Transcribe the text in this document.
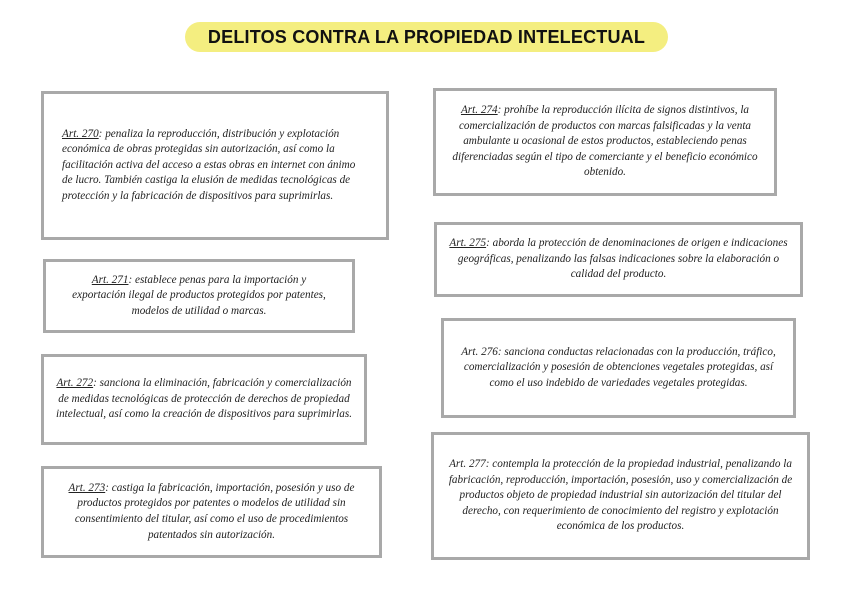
DELITOS CONTRA LA PROPIEDAD INTELECTUAL
Art. 270: penaliza la reproducción, distribución y explotación económica de obras protegidas sin autorización, así como la facilitación activa del acceso a estas obras en internet con ánimo de lucro. También castiga la elusión de medidas tecnológicas de protección y la fabricación de dispositivos para suprimirlas.
Art. 271: establece penas para la importación y exportación ilegal de productos protegidos por patentes, modelos de utilidad o marcas.
Art. 272: sanciona la eliminación, fabricación y comercialización de medidas tecnológicas de protección de derechos de propiedad intelectual, así como la creación de dispositivos para suprimirlas.
Art. 273: castiga la fabricación, importación, posesión y uso de productos protegidos por patentes o modelos de utilidad sin consentimiento del titular, así como el uso de procedimientos patentados sin autorización.
Art. 274: prohíbe la reproducción ilícita de signos distintivos, la comercialización de productos con marcas falsificadas y la venta ambulante u ocasional de estos productos, estableciendo penas diferenciadas según el tipo de comerciante y el beneficio económico obtenido.
Art. 275: aborda la protección de denominaciones de origen e indicaciones geográficas, penalizando las falsas indicaciones sobre la elaboración o calidad del producto.
Art. 276: sanciona conductas relacionadas con la producción, tráfico, comercialización y posesión de obtenciones vegetales protegidas, así como el uso indebido de variedades vegetales protegidas.
Art. 277: contempla la protección de la propiedad industrial, penalizando la fabricación, reproducción, importación, posesión, uso y comercialización de productos objeto de propiedad industrial sin autorización del titular del derecho, con requerimiento de conocimiento del registro y explotación económica de los productos.
